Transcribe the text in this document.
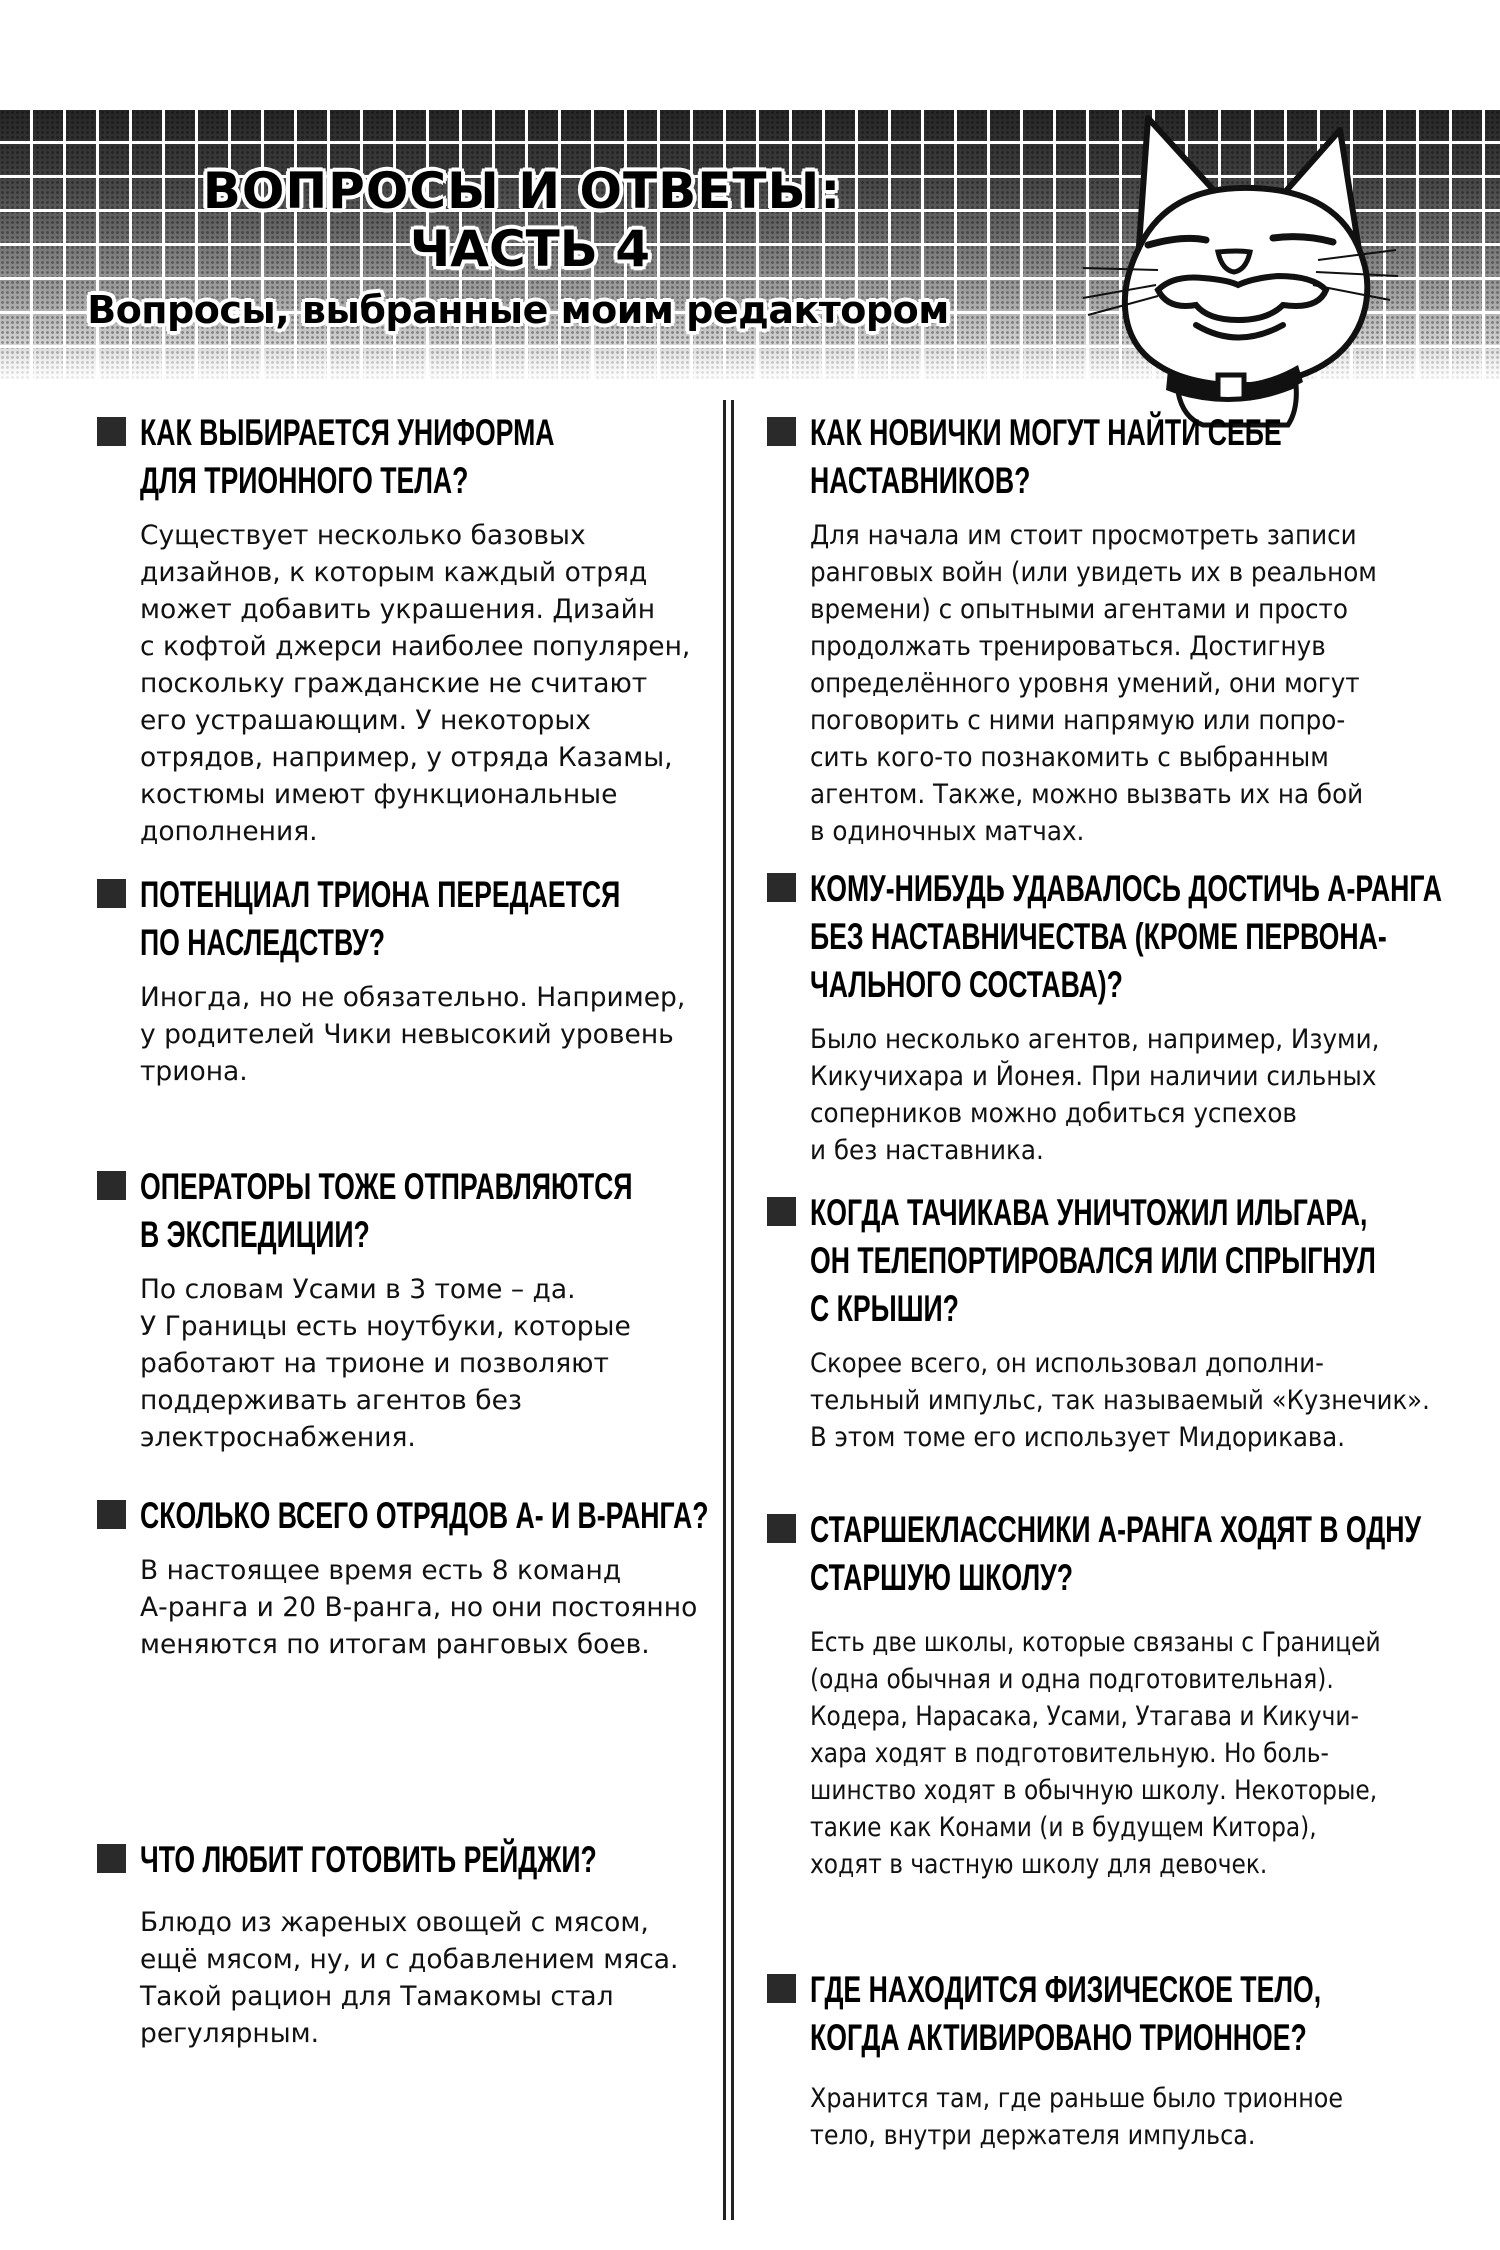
ВОПРОСЫ И ОТВЕТЫ:
ЧАСТЬ 4
Вопросы, выбранные моим редактором
КАК ВЫБИРАЕТСЯ УНИФОРМА
ДЛЯ ТРИОННОГО ТЕЛА?
Существует несколько базовых
дизайнов, к которым каждый отряд
может добавить украшения. Дизайн
с кофтой джерси наиболее популярен,
поскольку гражданские не считают
его устрашающим. У некоторых
отрядов, например, у отряда Казамы,
костюмы имеют функциональные
дополнения.
ПОТЕНЦИАЛ ТРИОНА ПЕРЕДАЕТСЯ
ПО НАСЛЕДСТВУ?
Иногда, но не обязательно. Например,
у родителей Чики невысокий уровень
триона.
ОПЕРАТОРЫ ТОЖЕ ОТПРАВЛЯЮТСЯ
В ЭКСПЕДИЦИИ?
По словам Усами в 3 томе – да.
У Границы есть ноутбуки, которые
работают на трионе и позволяют
поддерживать агентов без
электроснабжения.
СКОЛЬКО ВСЕГО ОТРЯДОВ А- И В-РАНГА?
В настоящее время есть 8 команд
А-ранга и 20 В-ранга, но они постоянно
меняются по итогам ранговых боев.
ЧТО ЛЮБИТ ГОТОВИТЬ РЕЙДЖИ?
Блюдо из жареных овощей с мясом,
ещё мясом, ну, и с добавлением мяса.
Такой рацион для Тамакомы стал
регулярным.
КАК НОВИЧКИ МОГУТ НАЙТИ СЕБЕ
НАСТАВНИКОВ?
Для начала им стоит просмотреть записи
ранговых войн (или увидеть их в реальном
времени) с опытными агентами и просто
продолжать тренироваться. Достигнув
определённого уровня умений, они могут
поговорить с ними напрямую или попро-
сить кого-то познакомить с выбранным
агентом. Также, можно вызвать их на бой
в одиночных матчах.
КОМУ-НИБУДЬ УДАВАЛОСЬ ДОСТИЧЬ А-РАНГА
БЕЗ НАСТАВНИЧЕСТВА (КРОМЕ ПЕРВОНА-
ЧАЛЬНОГО СОСТАВА)?
Было несколько агентов, например, Изуми,
Кикучихара и Йонея. При наличии сильных
соперников можно добиться успехов
и без наставника.
КОГДА ТАЧИКАВА УНИЧТОЖИЛ ИЛЬГАРА,
ОН ТЕЛЕПОРТИРОВАЛСЯ ИЛИ СПРЫГНУЛ
С КРЫШИ?
Скорее всего, он использовал дополни-
тельный импульс, так называемый «Кузнечик».
В этом томе его использует Мидорикава.
СТАРШЕКЛАССНИКИ А-РАНГА ХОДЯТ В ОДНУ
СТАРШУЮ ШКОЛУ?
Есть две школы, которые связаны с Границей
(одна обычная и одна подготовительная).
Кодера, Нарасака, Усами, Утагава и Кикучи-
хара ходят в подготовительную. Но боль-
шинство ходят в обычную школу. Некоторые,
такие как Конами (и в будущем Китора),
ходят в частную школу для девочек.
ГДЕ НАХОДИТСЯ ФИЗИЧЕСКОЕ ТЕЛО,
КОГДА АКТИВИРОВАНО ТРИОННОЕ?
Хранится там, где раньше было трионное
тело, внутри держателя импульса.
